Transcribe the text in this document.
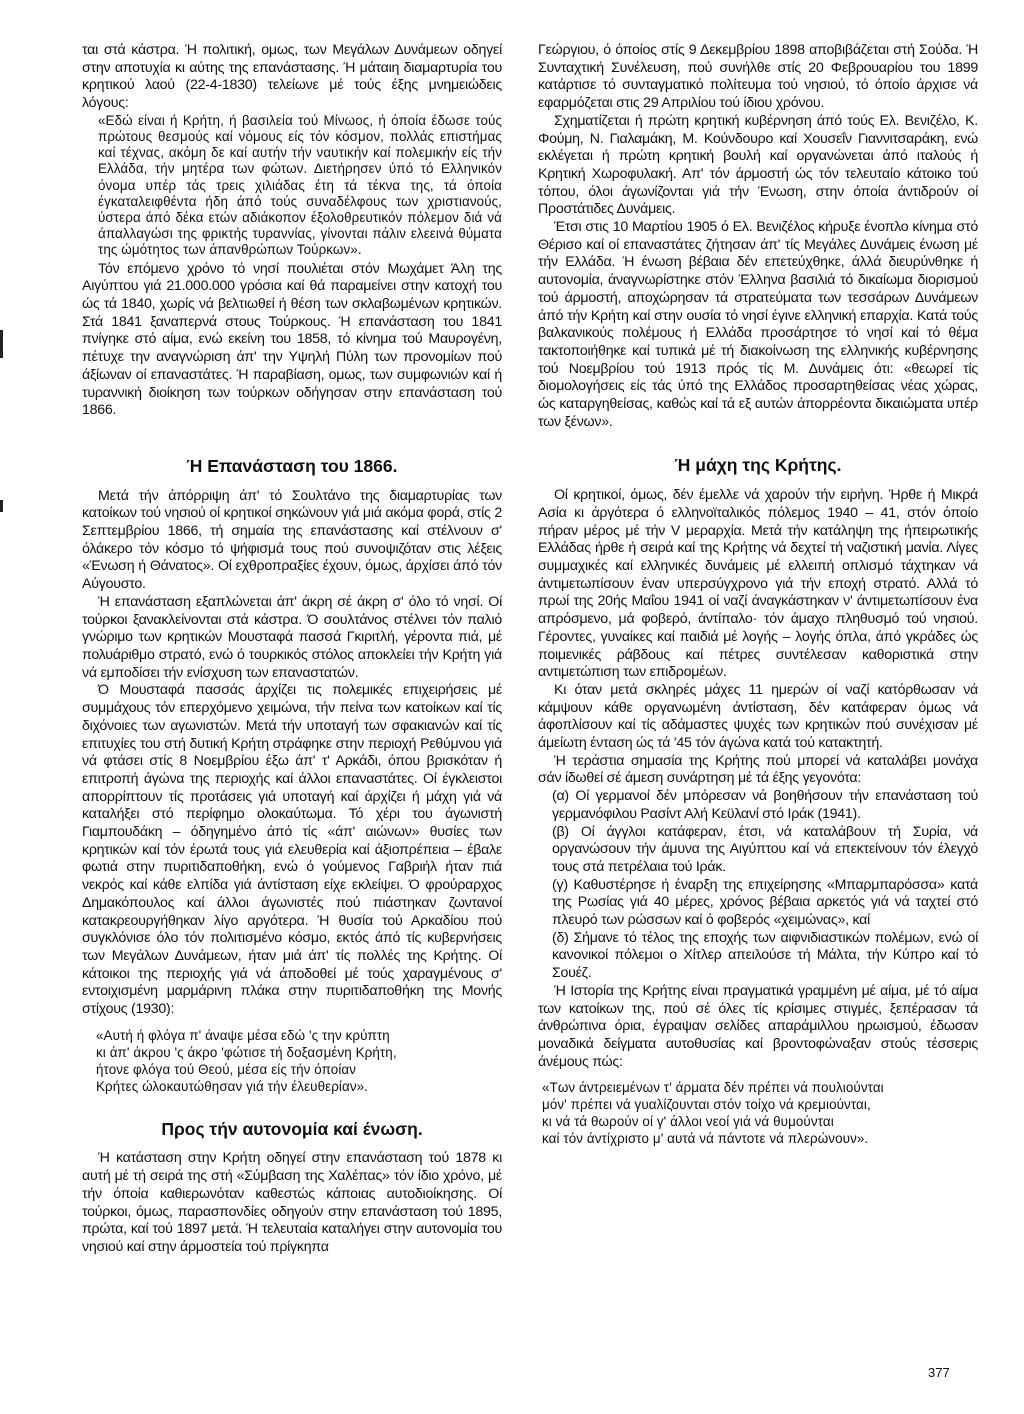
ται στά κάστρα. Ή πολιτική, ομως, των Μεγάλων Δυνάμεων οδηγεί στην αποτυχία κι αύτης της επανάστασης. Ή μάταιη διαμαρτυρία του κρητικού λαού (22-4-1830) τελείωνε μέ τούς έξης μνημειώδεις λόγους:

«Εδώ είναι ή Κρήτη, ή βασιλεία τού Μίνωος, ή όποία έδωσε τούς πρώτους θεσμούς καί νόμους είς τόν κόσμον, πολλάς επιστήμας καί τέχνας, ακόμη δε καί αυτήν τήν ναυτικήν καί πολεμικήν είς τήν Ελλάδα, τήν μητέρα των φώτων. Διετήρησεν ύπό τό Ελληνικόν όνομα υπέρ τάς τρεις χιλιάδας έτη τά τέκνα της, τά όποία έγκαταλειφθέντα ήδη άπό τούς συναδέλφους των χριστιανούς, ύστερα άπό δέκα ετών αδιάκοπον έξολοθρευτικόν πόλεμον διά νά άπαλλαγώσι της φρικτής τυραννίας, γίνονται πάλιν ελεεινά θύματα της ώμότητος των άπανθρώπων Τούρκων».

Τόν επόμενο χρόνο τό νησί πουλιέται στόν Μωχάμετ Άλη της Αιγύπτου γιά 21.000.000 γρόσια καί θά παραμείνει στην κατοχή του ώς τά 1840, χωρίς νά βελτιωθεί ή θέση των σκλαβωμένων κρητικών. Στά 1841 ξαναπερνά στους Τούρκους. Ή επανάσταση του 1841 πνίγηκε στό αίμα, ενώ εκείνη του 1858, τό κίνημα τού Μαυρογένη, πέτυχε την αναγνώριση άπ' την Υψηλή Πύλη των προνομίων πού άξίωναν οί επαναστάτες. Ή παραβίαση, ομως, των συμφωνιών καί ή τυραννική διοίκηση των τούρκων οδήγησαν στην επανάσταση τού 1866.

Ή Επανάσταση του 1866.

Μετά τήν άπόρριψη άπ' τό Σουλτάνο της διαμαρτυρίας των κατοίκων τού νησιού οί κρητικοί σηκώνουν γιά μιά ακόμα φορά, στίς 2 Σεπτεμβρίου 1866, τή σημαία της επανάστασης καί στέλνουν σ' όλάκερο τόν κόσμο τό ψήφισμά τους πού συνοψιζόταν στις λέξεις «Ένωση ή Θάνατος». Οί εχθροπραξίες έχουν, όμως, άρχίσει άπό τόν Αύγουστο.

Ή επανάσταση εξαπλώνεται άπ' άκρη σέ άκρη σ' όλο τό νησί. Οί τούρκοι ξανακλείνονται στά κάστρα. Ό σουλτάνος στέλνει τόν παλιό γνώριμο των κρητικών Μουσταφά πασσά Γκιριτλή, γέροντα πιά, μέ πολυάριθμο στρατό, ενώ ό τουρκικός στόλος αποκλείει τήν Κρήτη γιά νά εμποδίσει τήν ενίσχυση των επαναστατών.

Ό Μουσταφά πασσάς άρχίζει τις πολεμικές επιχειρήσεις μέ συμμάχους τόν επερχόμενο χειμώνα, τήν πείνα των κατοίκων καί τίς διχόνοιες των αγωνιστών. Μετά τήν υποταγή των σφακιανών καί τίς επιτυχίες του στή δυτική Κρήτη στράφηκε στην περιοχή Ρεθύμνου γιά νά φτάσει στίς 8 Νοεμβρίου έξω άπ' τ' Αρκάδι, όπου βρισκόταν ή επιτροπή άγώνα της περιοχής καί άλλοι επαναστάτες. Οί έγκλειστοι απορρίπτουν τίς προτάσεις γιά υποταγή καί άρχίζει ή μάχη γιά νά καταλήξει στό περίφημο ολοκαύτωμα. Τό χέρι του άγωνιστή Γιαμπουδάκη – όδηγημένο άπό τίς «άπ' αιώνων» θυσίες των κρητικών καί τόν έρωτά τους γιά ελευθερία καί άξιοπρέπεια – έβαλε φωτιά στην πυριτιδαποθήκη, ενώ ό γούμενος Γαβριήλ ήταν πιά νεκρός καί κάθε ελπίδα γιά άντίσταση είχε εκλείψει. Ό φρούραρχος Δημακόπουλος καί άλλοι άγωνιστές πού πιάστηκαν ζωντανοί κατακρεουργήθηκαν λίγο αργότερα. Ή θυσία τού Αρκαδίου πού συγκλόνισε όλο τόν πολιτισμένο κόσμο, εκτός άπό τίς κυβερνήσεις των Μεγάλων Δυνάμεων, ήταν μιά άπ' τίς πολλές της Κρήτης. Οί κάτοικοι της περιοχής γιά νά άποδοθεί μέ τούς χαραγμένους σ' εντοιχισμένη μαρμάρινη πλάκα στην πυριτιδαποθήκη της Μονής στίχους (1930):

«Αυτή ή φλόγα π' άναψε μέσα εδώ 'ς την κρύπτη
κι άπ' άκρου 'ς άκρο 'φώτισε τή δοξασμένη Κρήτη,
ήτονε φλόγα τού Θεού, μέσα είς τήν όποίαν
Κρήτες ώλοκαυτώθησαν γιά τήν έλευθερίαν».
Προς τήν αυτονομία καί ένωση.

Ή κατάσταση στην Κρήτη οδηγεί στην επανάσταση τού 1878 κι αυτή μέ τή σειρά της στή «Σύμβαση της Χαλέπας» τόν ίδιο χρόνο, μέ τήν όποία καθιερωνόταν καθεστώς κάποιας αυτοδιοίκησης. Οί τούρκοι, όμως, παρασπονδίες οδηγούν στην επανάσταση τού 1895, πρώτα, καί τού 1897 μετά. Ή τελευταία καταλήγει στην αυτονομία του νησιού καί στην άρμοστεία τού πρίγκηπα

Γεώργιου, ό όποίος στίς 9 Δεκεμβρίου 1898 αποβιβάζεται στή Σούδα. Ή Συνταχτική Συνέλευση, πού συνήλθε στίς 20 Φεβρουαρίου του 1899 κατάρτισε τό συνταγματικό πολίτευμα τού νησιού, τό όποίο άρχισε νά εφαρμόζεται στις 29 Απριλίου τού ίδιου χρόνου.

Σχηματίζεται ή πρώτη κρητική κυβέρνηση άπό τούς Ελ. Βενιζέλο, Κ. Φούμη, Ν. Γιαλαμάκη, Μ. Κούνδουρο καί Χουσεΐν Γιαννιτσαράκη, ενώ εκλέγεται ή πρώτη κρητική βουλή καί οργανώνεται άπό ιταλούς ή Κρητική Χωροφυλακή. Απ' τόν άρμοστή ώς τόν τελευταίο κάτοικο τού τόπου, όλοι άγωνίζονται γιά τήν Ένωση, στην όποία άντιδρούν οί Προστάτιδες Δυνάμεις.

Έτσι στις 10 Μαρτίου 1905 ό Ελ. Βενιζέλος κήρυξε ένοπλο κίνημα στό Θέρισο καί οί επαναστάτες ζήτησαν άπ' τίς Μεγάλες Δυνάμεις ένωση μέ τήν Ελλάδα. Ή ένωση βέβαια δέν επετεύχθηκε, άλλά διευρύνθηκε ή αυτονομία, άναγνωρίστηκε στόν Έλληνα βασιλιά τό δικαίωμα διορισμού τού άρμοστή, αποχώρησαν τά στρατεύματα των τεσσάρων Δυνάμεων άπό τήν Κρήτη καί στην ουσία τό νησί έγινε ελληνική επαρχία. Κατά τούς βαλκανικούς πολέμους ή Ελλάδα προσάρτησε τό νησί καί τό θέμα τακτοποιήθηκε καί τυπικά μέ τή διακοίνωση της ελληνικής κυβέρνησης τού Νοεμβρίου τού 1913 πρός τίς Μ. Δυνάμεις ότι: «θεωρεί τίς διομολογήσεις είς τάς ύπό της Ελλάδος προσαρτηθείσας νέας χώρας, ώς καταργηθείσας, καθώς καί τά εξ αυτών άπορρέοντα δικαιώματα υπέρ των ξένων».

Ή μάχη της Κρήτης.

Οί κρητικοί, όμως, δέν έμελλε νά χαρούν τήν ειρήνη. Ήρθε ή Μικρά Ασία κι άργότερα ό ελληνοϊταλικός πόλεμος 1940 – 41, στόν όποίο πήραν μέρος μέ τήν V μεραρχία. Μετά τήν κατάληψη της ήπειρωτικής Ελλάδας ήρθε ή σειρά καί της Κρήτης νά δεχτεί τή ναζιστική μανία. Λίγες συμμαχικές καί ελληνικές δυνάμεις μέ ελλειπή οπλισμό τάχτηκαν νά άντιμετωπίσουν έναν υπερσύγχρονο γιά τήν εποχή στρατό. Αλλά τό πρωί της 20ής Μαΐου 1941 οί ναζί άναγκάστηκαν ν' άντιμετωπίσουν ένα απρόσμενο, μά φοβερό, άντίπαλο· τόν άμαχο πληθυσμό τού νησιού. Γέροντες, γυναίκες καί παιδιά μέ λογής – λογής όπλα, άπό γκράδες ώς ποιμενικές ράβδους καί πέτρες συντέλεσαν καθοριστικά στην αντιμετώπιση των επιδρομέων.

Κι όταν μετά σκληρές μάχες 11 ημερών οί ναζί κατόρθωσαν νά κάμψουν κάθε οργανωμένη άντίσταση, δέν κατάφεραν όμως νά άφοπλίσουν καί τίς αδάμαστες ψυχές των κρητικών πού συνέχισαν μέ άμείωτη ένταση ώς τά '45 τόν άγώνα κατά τού κατακτητή.

Ή τεράστια σημασία της Κρήτης πού μπορεί νά καταλάβει μονάχα σάν ίδωθεί σέ άμεση συνάρτηση μέ τά έξης γεγονότα:

(α) Οί γερμανοί δέν μπόρεσαν νά βοηθήσουν τήν επανάσταση τού γερμανόφιλου Ρασίντ Αλή Κεϋλανί στό Ιράκ (1941).

(β) Οί άγγλοι κατάφεραν, έτσι, νά καταλάβουν τή Συρία, νά οργανώσουν τήν άμυνα της Αιγύπτου καί νά επεκτείνουν τόν έλεγχό τους στά πετρέλαια τού Ιράκ.

(γ) Καθυστέρησε ή έναρξη της επιχείρησης «Μπαρμπαρόσσα» κατά της Ρωσίας γιά 40 μέρες, χρόνος βέβαια αρκετός γιά νά ταχτεί στό πλευρό των ρώσσων καί ό φοβερός «χειμώνας», καί

(δ) Σήμανε τό τέλος της εποχής των αιφνιδιαστικών πολέμων, ενώ οί κανονικοί πόλεμοι ο Χίτλερ απειλούσε τή Μάλτα, τήν Κύπρο καί τό Σουέζ.

Ή Ιστορία της Κρήτης είναι πραγματικά γραμμένη μέ αίμα, μέ τό αίμα των κατοίκων της, πού σέ όλες τίς κρίσιμες στιγμές, ξεπέρασαν τά άνθρώπινα όρια, έγραψαν σελίδες απαράμιλλου ηρωισμού, έδωσαν μοναδικά δείγματα αυτοθυσίας καί βροντοφώναξαν στούς τέσσερις άνέμους πώς:

«Των άντρειεμένων τ' άρματα δέν πρέπει νά πουλιούνται
μόν' πρέπει νά γυαλίζουνται στόν τοίχο νά κρεμιούνται,
κι νά τά θωρούν οί γ' άλλοι νεοί γιά νά θυμούνται
καί τόν άντίχριστο μ' αυτά νά πάντοτε νά πλερώνουν».
377
